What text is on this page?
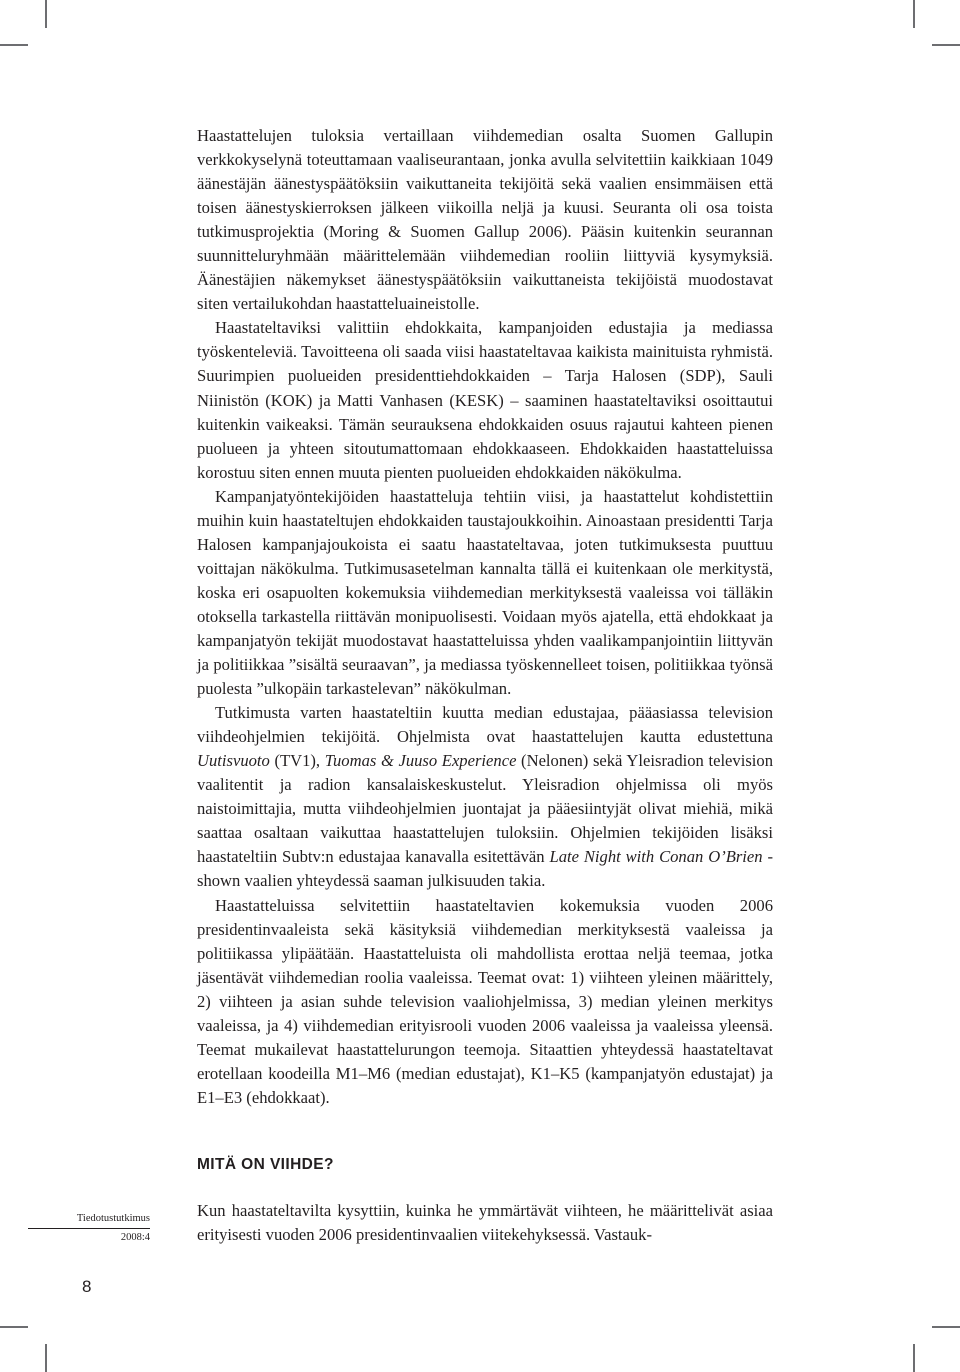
Haastattelujen tuloksia vertaillaan viihdemedian osalta Suomen Gallupin verkkokyselynä toteuttamaan vaaliseurantaan, jonka avulla selvitettiin kaikkiaan 1049 äänestäjän äänestyspäätöksiin vaikuttaneita tekijöitä sekä vaalien ensimmäisen että toisen äänestyskierroksen jälkeen viikoilla neljä ja kuusi. Seuranta oli osa toista tutkimusprojektia (Moring & Suomen Gallup 2006). Pääsin kuitenkin seurannan suunnitteluryhmään määrittelemään viihdemedian rooliin liittyviä kysymyksiä. Äänestäjien näkemykset äänestyspäätöksiin vaikuttaneista tekijöistä muodostavat siten vertailukohdan haastatteluaineistolle.

Haastateltaviksi valittiin ehdokkaita, kampanjoiden edustajia ja mediassa työskenteleviä. Tavoitteena oli saada viisi haastateltavaa kaikista mainituista ryhmistä. Suurimpien puolueiden presidenttiehdokkaiden – Tarja Halosen (SDP), Sauli Niinistön (KOK) ja Matti Vanhasen (KESK) – saaminen haastateltaviksi osoittautui kuitenkin vaikeaksi. Tämän seurauksena ehdokkaiden osuus rajautui kahteen pienen puolueen ja yhteen sitoutumattomaan ehdokkaaseen. Ehdokkaiden haastatteluissa korostuu siten ennen muuta pienten puolueiden ehdokkaiden näkökulma.

Kampanjatyöntekijöiden haastatteluja tehtiin viisi, ja haastattelut kohdistettiin muihin kuin haastateltujen ehdokkaiden taustajoukkoihin. Ainoastaan presidentti Tarja Halosen kampanjajoukoista ei saatu haastateltavaa, joten tutkimuksesta puuttuu voittajan näkökulma. Tutkimusasetelman kannalta tällä ei kuitenkaan ole merkitystä, koska eri osapuolten kokemuksia viihdemedian merkityksestä vaaleissa voi tälläkin otoksella tarkastella riittävän monipuolisesti. Voidaan myös ajatella, että ehdokkaat ja kampanjatyön tekijät muodostavat haastatteluissa yhden vaalikampanjointiin liittyvän ja politiikkaa ”sisältä seuraavan”, ja mediassa työskennelleet toisen, politiikkaa työnsä puolesta ”ulkopäin tarkastelevan” näkökulman.

Tutkimusta varten haastateltiin kuutta median edustajaa, pääasiassa television viihdeohjelmien tekijöitä. Ohjelmista ovat haastattelujen kautta edustettuna Uutisvuoto (TV1), Tuomas & Juuso Experience (Nelonen) sekä Yleisradion television vaalitentit ja radion kansalaiskeskustelut. Yleisradion ohjelmissa oli myös naistoimittajia, mutta viihdeohjelmien juontajat ja pääesiintyjät olivat miehiä, mikä saattaa osaltaan vaikuttaa haastattelujen tuloksiin. Ohjelmien tekijöiden lisäksi haastateltiin Subtv:n edustajaa kanavalla esitettävän Late Night with Conan O’Brien -shown vaalien yhteydessä saaman julkisuuden takia.

Haastatteluissa selvitettiin haastateltavien kokemuksia vuoden 2006 presidentinvaaleista sekä käsityksiä viihdemedian merkityksestä vaaleissa ja politiikassa ylipäätään. Haastatteluista oli mahdollista erottaa neljä teemaa, jotka jäsentävät viihdemedian roolia vaaleissa. Teemat ovat: 1) viihteen yleinen määrittely, 2) viihteen ja asian suhde television vaaliohjelmissa, 3) median yleinen merkitys vaaleissa, ja 4) viihdemedian erityisrooli vuoden 2006 vaaleissa ja vaaleissa yleensä. Teemat mukailevat haastattelurungon teemoja. Sitaattien yhteydessä haastateltavat erotellaan koodeilla M1–M6 (median edustajat), K1–K5 (kampanjatyön edustajat) ja E1–E3 (ehdokkaat).

MITÄ ON VIIHDE?

Kun haastateltavilta kysyttiin, kuinka he ymmärtävät viihteen, he määrittelivät asiaa erityisesti vuoden 2006 presidentinvaalien viitekehyksessä. Vastauk-

Tiedotustutkimus
2008:4
8
